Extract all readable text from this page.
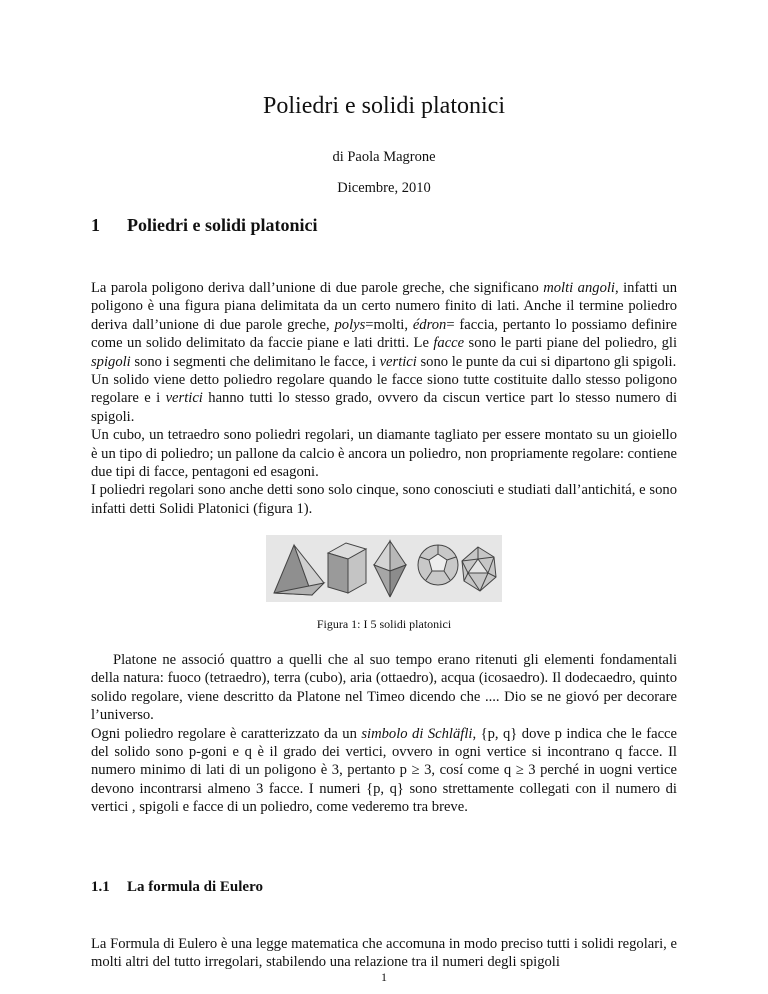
Poliedri e solidi platonici
di Paola Magrone
Dicembre, 2010
1 Poliedri e solidi platonici

La parola poligono deriva dall’unione di due parole greche, che significano molti angoli, infatti un poligono è una figura piana delimitata da un certo numero finito di lati. Anche il termine poliedro deriva dall’unione di due parole greche, polys=molti, édron= faccia, pertanto lo possiamo definire come un solido delimitato da faccie piane e lati dritti. Le facce sono le parti piane del poliedro, gli spigoli sono i segmenti che delimitano le facce, i vertici sono le punte da cui si dipartono gli spigoli.

Un solido viene detto poliedro regolare quando le facce siono tutte costituite dallo stesso poligono regolare e i vertici hanno tutti lo stesso grado, ovvero da ciscun vertice part lo stesso numero di spigoli.

Un cubo, un tetraedro sono poliedri regolari, un diamante tagliato per essere montato su un gioiello è un tipo di poliedro; un pallone da calcio è ancora un poliedro, non propriamente regolare: contiene due tipi di facce, pentagoni ed esagoni.

I poliedri regolari sono anche detti sono solo cinque, sono conosciuti e studiati dall’antichitá, e sono infatti detti Solidi Platonici (figura 1).

Figura 1: I 5 solidi platonici

Platone ne associó quattro a quelli che al suo tempo erano ritenuti gli elementi fondamentali della natura: fuoco (tetraedro), terra (cubo), aria (ottaedro), acqua (icosaedro). Il dodecaedro, quinto solido regolare, viene descritto da Platone nel Timeo dicendo che .... Dio se ne giovó per decorare l’universo.

Ogni poliedro regolare è caratterizzato da un simbolo di Schläfli, {p, q} dove p indica che le facce del solido sono p-goni e q è il grado dei vertici, ovvero in ogni vertice si incontrano q facce. Il numero minimo di lati di un poligono è 3, pertanto p ≥ 3, cosí come q ≥ 3 perché in uogni vertice devono incontrarsi almeno 3 facce. I numeri {p, q} sono strettamente collegati con il numero di vertici , spigoli e facce di un poliedro, come vederemo tra breve.

1.1 La formula di Eulero

La Formula di Eulero è una legge matematica che accomuna in modo preciso tutti i solidi regolari, e molti altri del tutto irregolari, stabilendo una relazione tra il numeri degli spigoli

1
